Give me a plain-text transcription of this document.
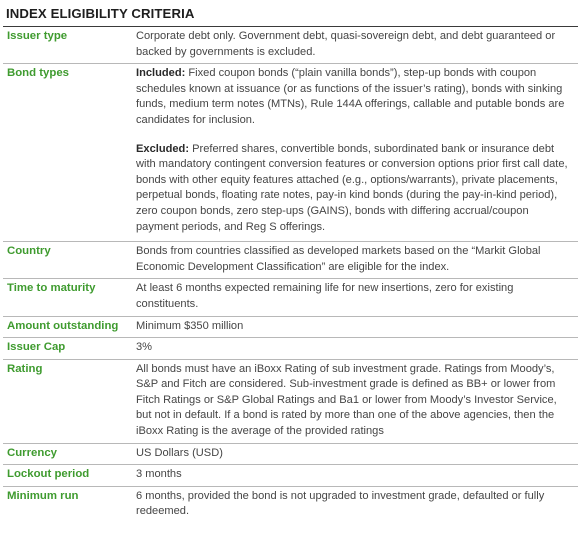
INDEX ELIGIBILITY CRITERIA
Issuer type	Corporate debt only. Government debt, quasi-sovereign debt, and debt guaranteed or backed by governments is excluded.

Bond types	Included: Fixed coupon bonds (“plain vanilla bonds”), step-up bonds with coupon schedules known at issuance (or as functions of the issuer’s rating), bonds with sinking funds, medium term notes (MTNs), Rule 144A offerings, callable and putable bonds are candidates for inclusion.

Excluded: Preferred shares, convertible bonds, subordinated bank or insurance debt with mandatory contingent conversion features or conversion options prior first call date, bonds with other equity features attached (e.g., options/warrants), private placements, perpetual bonds, floating rate notes, pay-in kind bonds (during the pay-in-kind period), zero coupon bonds, zero step-ups (GAINS), bonds with differing accrual/coupon payment periods, and Reg S offerings.

Country	Bonds from countries classified as developed markets based on the “Markit Global Economic Development Classification” are eligible for the index.

Time to maturity	At least 6 months expected remaining life for new insertions, zero for existing constituents.

Amount outstanding	Minimum $350 million

Issuer Cap	3%

Rating	All bonds must have an iBoxx Rating of sub investment grade. Ratings from Moody’s, S&P and Fitch are considered. Sub-investment grade is defined as BB+ or lower from Fitch Ratings or S&P Global Ratings and Ba1 or lower from Moody’s Investor Service, but not in default. If a bond is rated by more than one of the above agencies, then the iBoxx Rating is the average of the provided ratings

Currency	US Dollars (USD)

Lockout period	3 months

Minimum run	6 months, provided the bond is not upgraded to investment grade, defaulted or fully redeemed.
